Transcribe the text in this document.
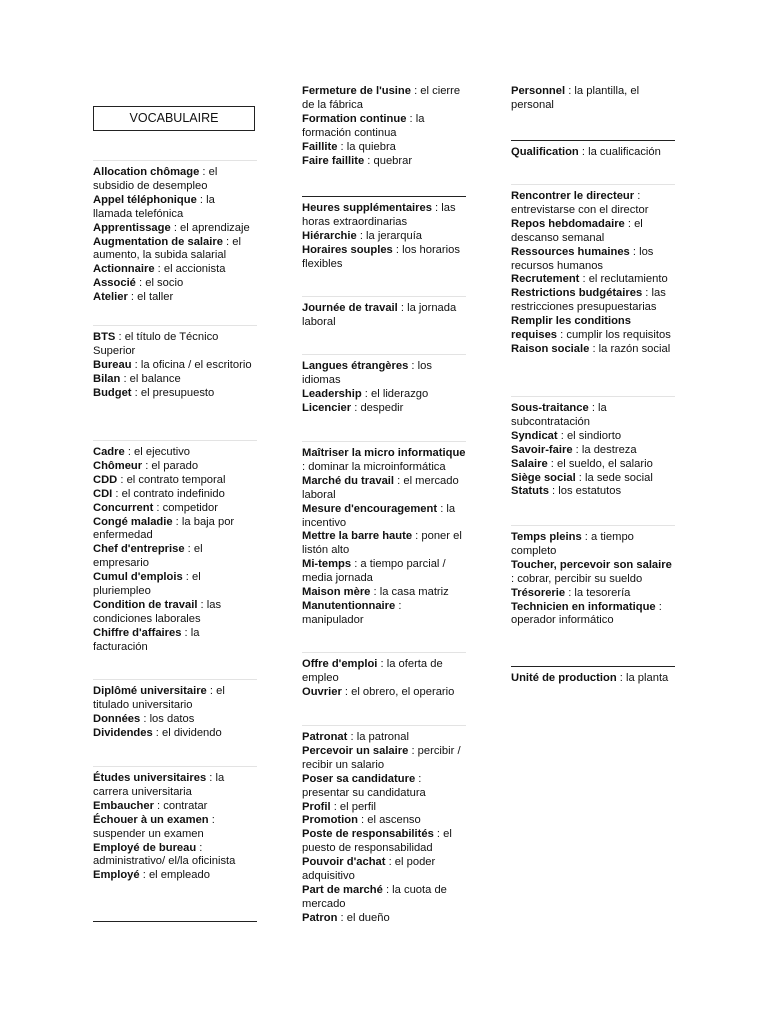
VOCABULAIRE
Allocation chômage : el subsidio de desempleo
Appel téléphonique : la llamada telefónica
Apprentissage : el aprendizaje
Augmentation de salaire : el aumento, la subida salarial
Actionnaire : el accionista
Associé : el socio
Atelier : el taller
BTS : el título de Técnico Superior
Bureau : la oficina / el escritorio
Bilan : el balance
Budget : el presupuesto
Cadre : el ejecutivo
Chômeur : el parado
CDD : el contrato temporal
CDI : el contrato indefinido
Concurrent : competidor
Congé maladie : la baja por enfermedad
Chef d'entreprise : el empresario
Cumul d'emplois : el pluriempleo
Condition de travail : las condiciones laborales
Chiffre d'affaires : la facturación
Diplômé universitaire : el titulado universitario
Données : los datos
Dividendes : el dividendo
Études universitaires : la carrera universitaria
Embaucher : contratar
Échouer à un examen : suspender un examen
Employé de bureau : administrativo/ el/la oficinista
Employé : el empleado
Fermeture de l'usine : el cierre de la fábrica
Formation continue : la formación continua
Faillite : la quiebra
Faire faillite : quebrar
Heures supplémentaires : las horas extraordinarias
Hiérarchie : la jerarquía
Horaires souples : los horarios flexibles
Journée de travail : la jornada laboral
Langues étrangères : los idiomas
Leadership : el liderazgo
Licencier : despedir
Maîtriser la micro informatique : dominar la microinformática
Marché du travail : el mercado laboral
Mesure d'encouragement : la incentivo
Mettre la barre haute : poner el listón alto
Mi-temps : a tiempo parcial / media jornada
Maison mère : la casa matriz
Manutentionnaire : manipulador
Offre d'emploi : la oferta de empleo
Ouvrier : el obrero, el operario
Patronat : la patronal
Percevoir un salaire : percibir / recibir un salario
Poser sa candidature : presentar su candidatura
Profil : el perfil
Promotion : el ascenso
Poste de responsabilités : el puesto de responsabilidad
Pouvoir d'achat : el poder adquisitivo
Part de marché : la cuota de mercado
Patron : el dueño
Personnel : la plantilla, el personal
Qualification : la cualificación
Rencontrer le directeur : entrevistarse con el director
Repos hebdomadaire : el descanso semanal
Ressources humaines : los recursos humanos
Recrutement : el reclutamiento
Restrictions budgétaires : las restricciones presupuestarias
Remplir les conditions requises : cumplir los requisitos
Raison sociale : la razón social
Sous-traitance : la subcontratación
Syndicat : el sindiorto
Savoir-faire : la destreza
Salaire : el sueldo, el salario
Siège social : la sede social
Statuts : los estatutos
Temps pleins : a tiempo completo
Toucher, percevoir son salaire : cobrar, percibir su sueldo
Trésorerie : la tesorería
Technicien en informatique : operador informático
Unité de production : la planta
